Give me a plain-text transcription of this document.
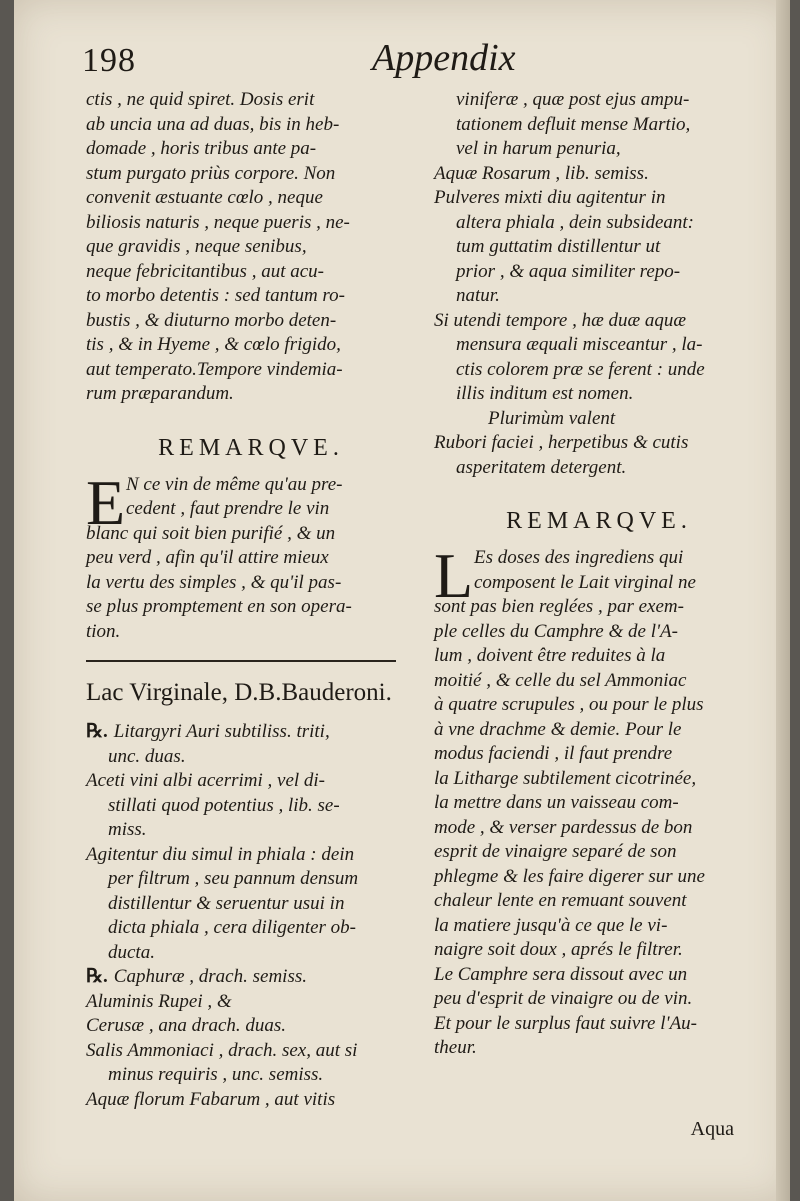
198	Appendix
ctis , ne quid spiret. Dosis erit
ab uncia una ad duas, bis in heb-
domade , horis tribus ante pa-
stum purgato priùs corpore. Non
convenit æstuante cœlo , neque
biliosis naturis , neque pueris , ne-
que gravidis , neque senibus,
neque febricitantibus , aut acu-
to morbo detentis : sed tantum ro-
bustis , & diuturno morbo deten-
tis , & in Hyeme , & cœlo frigido,
aut temperato.Tempore vindemia-
rum præparandum.
REMARQVE.
E N ce vin de même qu'au pre-
cedent , faut prendre le vin
blanc qui soit bien purifié , & un
peu verd , afin qu'il attire mieux
la vertu des simples , & qu'il pas-
se plus promptement en son opera-
tion.
Lac Virginale, D.B.Bauderoni.
℞. Litargyri Auri subtiliss. triti,
unc. duas.
Aceti vini albi acerrimi , vel di-
stillati quod potentius , lib. se-
miss.
Agitentur diu simul in phiala : dein
per filtrum , seu pannum densum
distillentur & seruentur usui in
dicta phiala , cera diligenter ob-
ducta.
℞. Caphuræ , drach. semiss.
Aluminis Rupei , &
Cerusæ , ana drach. duas.
Salis Ammoniaci , drach. sex, aut si
minus requiris , unc. semiss.
Aquæ florum Fabarum , aut vitis
viniferæ , quæ post ejus ampu-
tationem defluit mense Martio,
vel in harum penuria,
Aquæ Rosarum , lib. semiss.
Pulveres mixti diu agitentur in
altera phiala , dein subsideant:
tum guttatim distillentur ut
prior , & aqua similiter repo-
natur.
Si utendi tempore , hæ duæ aquæ
mensura æquali misceantur , la-
ctis colorem præ se ferent : unde
illis inditum est nomen.
Plurimùm valent
Rubori faciei , herpetibus & cutis
asperitatem detergent.
REMARQVE.
L Es doses des ingrediens qui
composent le Lait virginal ne
sont pas bien reglées , par exem-
ple celles du Camphre & de l'A-
lum , doivent être reduites à la
moitié , & celle du sel Ammoniac
à quatre scrupules , ou pour le plus
à vne drachme & demie. Pour le
modus faciendi , il faut prendre
la Litharge subtilement cicotrinée,
la mettre dans un vaisseau com-
mode , & verser pardessus de bon
esprit de vinaigre separé de son
phlegme & les faire digerer sur une
chaleur lente en remuant souvent
la matiere jusqu'à ce que le vi-
naigre soit doux , aprés le filtrer.
Le Camphre sera dissout avec un
peu d'esprit de vinaigre ou de vin.
Et pour le surplus faut suivre l'Au-
theur.
Aqua
